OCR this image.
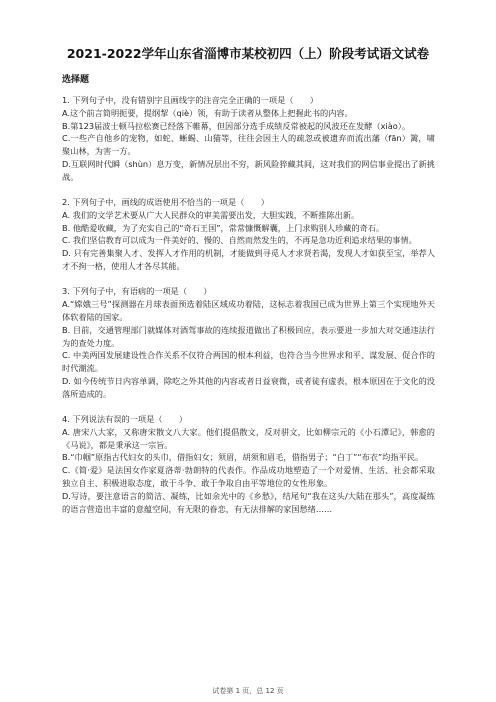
2021-2022学年山东省淄博市某校初四（上）阶段考试语文试卷
选择题

1. 下列句子中，没有错别字且画线字的注音完全正确的一项是（　　）

A.这个前言简明扼要，提纲挈（qiè）领，有助于读者从整体上把握此书的内容。

B.第123届波士顿马拉松赛已经落下帷幕，但因部分选手成绩反常被起的风波还在发酵（xiào）。

C.一些产自他乡的宠物，如蛇、蜥蜴、山猫等，往往会因主人的疏忽或被遗弃而流出藩（fān）篱，啸聚山林，为害一方。

D.互联网时代瞬（shùn）息万变，新情况层出不穷，新风险猝藏其间，这对我们的网信事业提出了新挑战。

2. 下列句子中，画线的成语使用不恰当的一项是（　　）

A. 我们的文学艺术要从广大人民群众的审美需要出发，大胆实践，不断推陈出新。

B. 他酷爱收藏，为了充实自己的“奇石王国”，常常慷慨解囊，上门求购别人珍藏的奇石。

C. 我们坚信教育可以成为一件美好的、慢的、自然而然发生的，不再是急功近利追求结果的事情。

D. 只有完善集聚人才、发挥人才作用的机制，才能做到寻觅人才求贤若渴，发现人才如获至宝，举荐人才不拘一格，使用人才各尽其能。

3. 下列句子中，有语病的一项是（　　）

A.“嫦娥三号”探测器在月球表面预选着陆区域成功着陆，这标志着我国已成为世界上第三个实现地外天体软着陆的国家。

B. 目前，交通管理部门就媒体对酒驾事故的连续报道做出了积极回应，表示要进一步加大对交通违法行为的查处力度。

C. 中美两国发展建设性合作关系不仅符合两国的根本利益，也符合当今世界求和平、谋发展、促合作的时代潮流。

D. 如今传统节日内容单调，除吃之外其他的内容或者日益衰微，或者徒有虚表，根本原因在于文化的没落所造成的。

4. 下列说法有误的一项是（　　）

A. 唐宋八大家，又称唐宋散文八大家。他们提倡散文，反对骈文，比如柳宗元的《小石潭记》，韩愈的《马说》，都是秉承这一宗旨。

B.“巾帼”原指古代妇女的头巾，借指妇女；须眉，胡须和眉毛，借指男子；“白丁”“布衣”均指平民。

C.《简·爱》是法国女作家夏洛蒂·勃朗特的代表作。作品成功地塑造了一个对爱情、生活、社会都采取独立自主、积极进取态度，敢于斗争、敢于争取自由平等地位的女性形象。

D.写诗，要注意语言的简洁、凝练，比如余光中的《乡愁》，结尾句“我在这头/大陆在那头”，高度凝练的语言营造出丰富的意蕴空间，有无限的眷恋，有无法排解的家国愁绪……

试卷第 1 页，总 12 页
